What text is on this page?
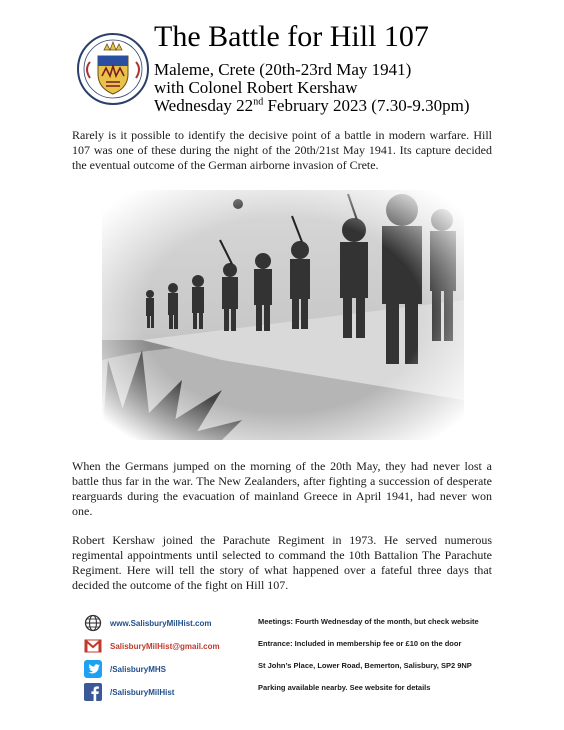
The Battle for Hill 107
Maleme, Crete (20th-23rd May 1941)
with Colonel Robert Kershaw
Wednesday 22nd February 2023 (7.30-9.30pm)

Rarely is it possible to identify the decisive point of a battle in modern warfare. Hill 107 was one of these during the night of the 20th/21st May 1941. Its capture decided the eventual outcome of the German airborne invasion of Crete.

When the Germans jumped on the morning of the 20th May, they had never lost a battle thus far in the war. The New Zealanders, after fighting a succession of desperate rearguards during the evacuation of mainland Greece in April 1941, had never won one.

Robert Kershaw joined the Parachute Regiment in 1973. He served numerous regimental appointments until selected to command the 10th Battalion The Parachute Regiment. Here will tell the story of what happened over a fateful three days that decided the outcome of the fight on Hill 107.

www.SalisburyMilHist.com
SalisburyMilHist@gmail.com
/SalisburyMHS
/SalisburyMilHist
Meetings: Fourth Wednesday of the month, but check website
Entrance: Included in membership fee or £10 on the door
St John’s Place, Lower Road, Bemerton, Salisbury, SP2 9NP
Parking available nearby. See website for details
